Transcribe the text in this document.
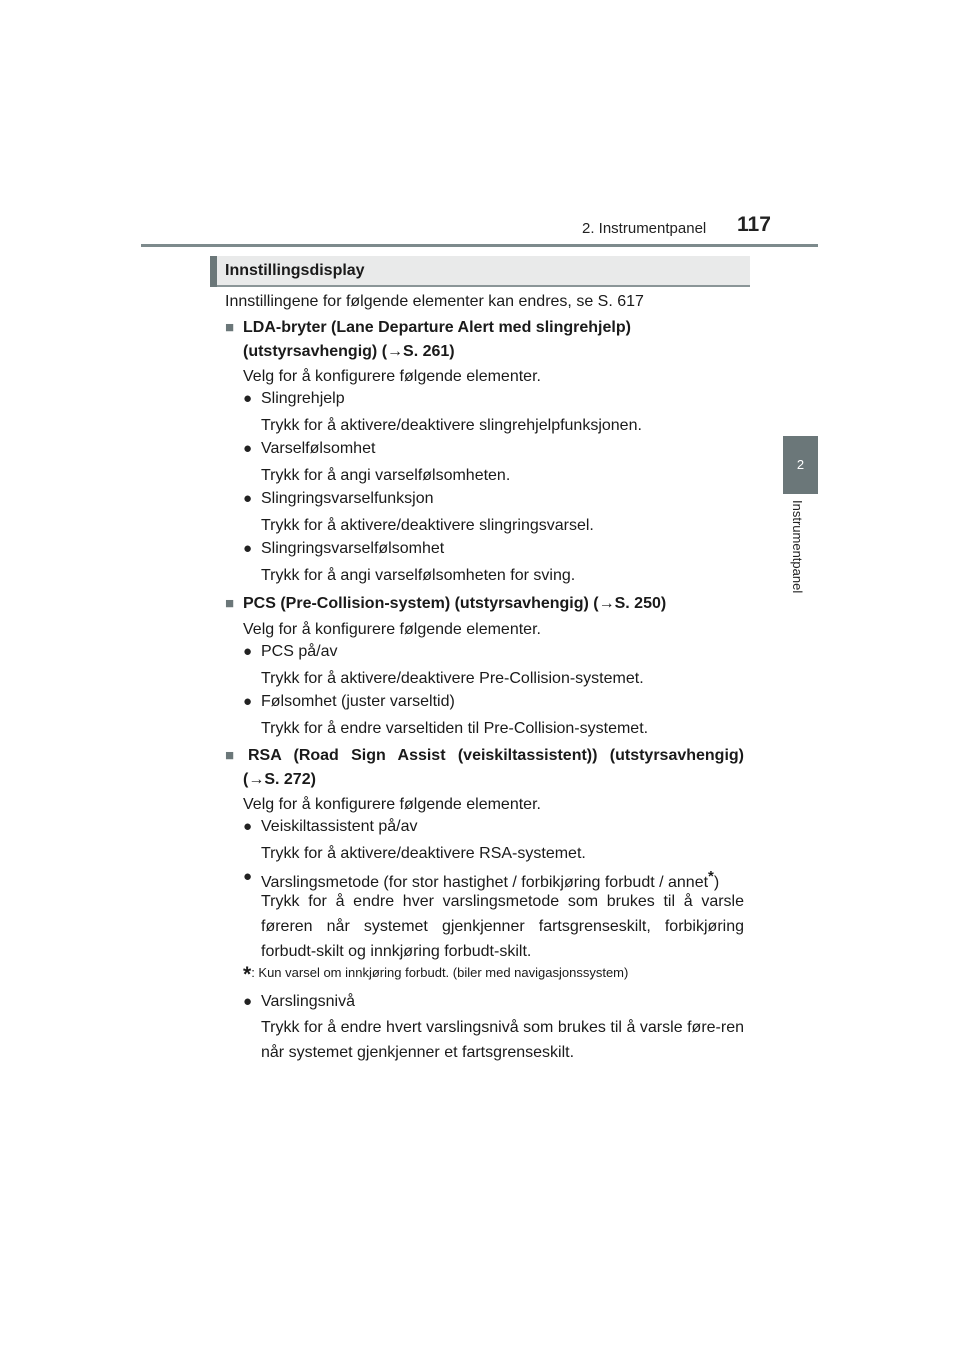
2. Instrumentpanel 117
2
Instrumentpanel
Innstillingsdisplay
Innstillingene for følgende elementer kan endres, se S. 617
■ LDA-bryter (Lane Departure Alert med slingrehjelp)
(utstyrsavhengig) (→S. 261)
Velg for å konfigurere følgende elementer.
● Slingrehjelp
Trykk for å aktivere/deaktivere slingrehjelpfunksjonen.
● Varselfølsomhet
Trykk for å angi varselfølsomheten.
● Slingringsvarselfunksjon
Trykk for å aktivere/deaktivere slingringsvarsel.
● Slingringsvarselfølsomhet
Trykk for å angi varselfølsomheten for sving.
■ PCS (Pre-Collision-system) (utstyrsavhengig) (→S. 250)
Velg for å konfigurere følgende elementer.
● PCS på/av
Trykk for å aktivere/deaktivere Pre-Collision-systemet.
● Følsomhet (juster varseltid)
Trykk for å endre varseltiden til Pre-Collision-systemet.
■ RSA (Road Sign Assist (veiskiltassistent)) (utstyrsavhengig)
(→S. 272)
Velg for å konfigurere følgende elementer.
● Veiskiltassistent på/av
Trykk for å aktivere/deaktivere RSA-systemet.
● Varslingsmetode (for stor hastighet / forbikjøring forbudt / annet*)
Trykk for å endre hver varslingsmetode som brukes til å varsle føreren når systemet gjenkjenner fartsgrenseskilt, forbikjøring forbudt-skilt og innkjøring forbudt-skilt.
*: Kun varsel om innkjøring forbudt. (biler med navigasjonssystem)
● Varslingsnivå
Trykk for å endre hvert varslingsnivå som brukes til å varsle føre-ren når systemet gjenkjenner et fartsgrenseskilt.
